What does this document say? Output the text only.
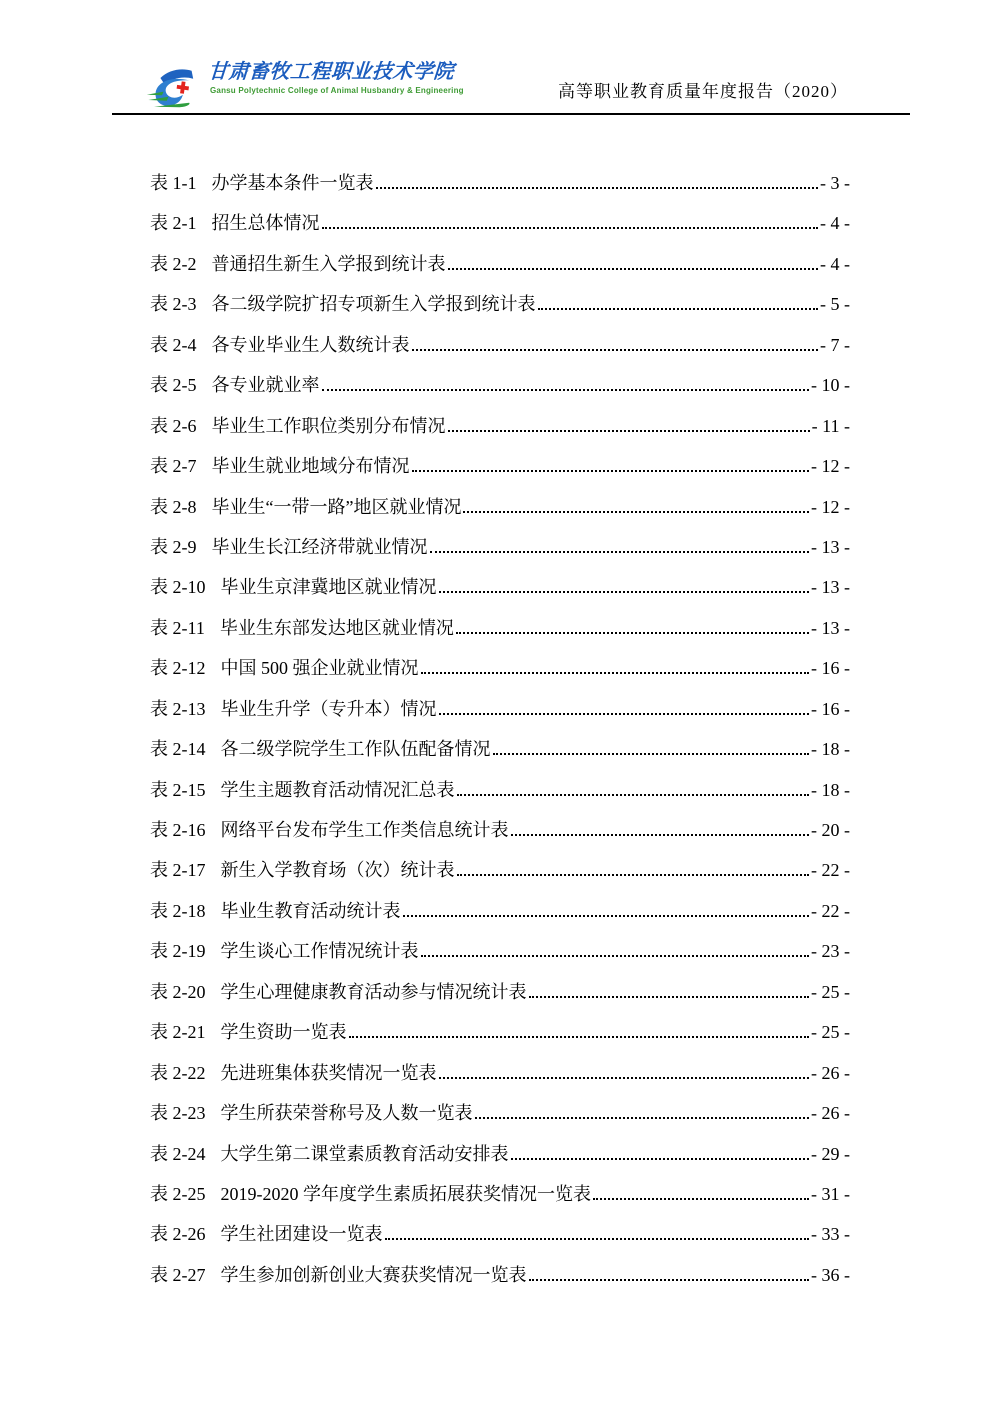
甘肃畜牧工程职业技术学院
Gansu Polytechnic College of Animal Husbandry & Engineering	高等职业教育质量年度报告（2020）
表 1-1 办学基本条件一览表	- 3 -
表 2-1 招生总体情况	- 4 -
表 2-2 普通招生新生入学报到统计表	- 4 -
表 2-3 各二级学院扩招专项新生入学报到统计表	- 5 -
表 2-4 各专业毕业生人数统计表	- 7 -
表 2-5 各专业就业率	- 10 -
表 2-6 毕业生工作职位类别分布情况	- 11 -
表 2-7 毕业生就业地域分布情况	- 12 -
表 2-8 毕业生“一带一路”地区就业情况	- 12 -
表 2-9 毕业生长江经济带就业情况	- 13 -
表 2-10 毕业生京津冀地区就业情况	- 13 -
表 2-11 毕业生东部发达地区就业情况	- 13 -
表 2-12 中国 500 强企业就业情况	- 16 -
表 2-13 毕业生升学（专升本）情况	- 16 -
表 2-14 各二级学院学生工作队伍配备情况	- 18 -
表 2-15 学生主题教育活动情况汇总表	- 18 -
表 2-16 网络平台发布学生工作类信息统计表	- 20 -
表 2-17 新生入学教育场（次）统计表	- 22 -
表 2-18 毕业生教育活动统计表	- 22 -
表 2-19 学生谈心工作情况统计表	- 23 -
表 2-20 学生心理健康教育活动参与情况统计表	- 25 -
表 2-21 学生资助一览表	- 25 -
表 2-22 先进班集体获奖情况一览表	- 26 -
表 2-23 学生所获荣誉称号及人数一览表	- 26 -
表 2-24 大学生第二课堂素质教育活动安排表	- 29 -
表 2-25 2019-2020 学年度学生素质拓展获奖情况一览表	- 31 -
表 2-26 学生社团建设一览表	- 33 -
表 2-27 学生参加创新创业大赛获奖情况一览表	- 36 -
